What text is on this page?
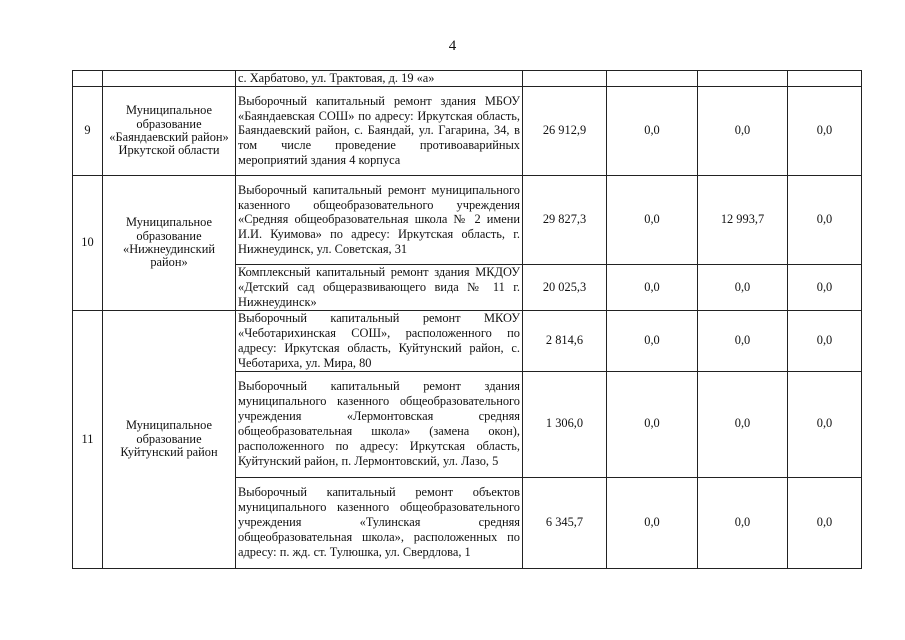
4
		с. Харбатово, ул. Трактовая, д. 19 «а»				
9	Муниципальное образование «Баяндаевский район» Иркутской области	Выборочный капитальный ремонт здания МБОУ «Баяндаевская СОШ» по адресу: Иркутская область, Баяндаевский район, с. Баяндай, ул. Гагарина, 34, в том числе проведение противоаварийных мероприятий здания 4 корпуса	26 912,9	0,0	0,0	0,0
10	Муниципальное образование «Нижнеудинский район»	Выборочный капитальный ремонт муниципального казенного общеобразовательного учреждения «Средняя общеобразовательная школа № 2 имени И.И. Куимова» по адресу: Иркутская область, г. Нижнеудинск, ул. Советская, 31	29 827,3	0,0	12 993,7	0,0
		Комплексный капитальный ремонт здания МКДОУ «Детский сад общеразвивающего вида № 11 г. Нижнеудинск»	20 025,3	0,0	0,0	0,0
11	Муниципальное образование Куйтунский район	Выборочный капитальный ремонт МКОУ «Чеботарихинская СОШ», расположенного по адресу: Иркутская область, Куйтунский район, с. Чеботариха, ул. Мира, 80	2 814,6	0,0	0,0	0,0
		Выборочный капитальный ремонт здания муниципального казенного общеобразовательного учреждения «Лермонтовская средняя общеобразовательная школа» (замена окон), расположенного по адресу: Иркутская область, Куйтунский район, п. Лермонтовский, ул. Лазо, 5	1 306,0	0,0	0,0	0,0
		Выборочный капитальный ремонт объектов муниципального казенного общеобразовательного учреждения «Тулинская средняя общеобразовательная школа», расположенных по адресу: п. жд. ст. Тулюшка, ул. Свердлова, 1	6 345,7	0,0	0,0	0,0
